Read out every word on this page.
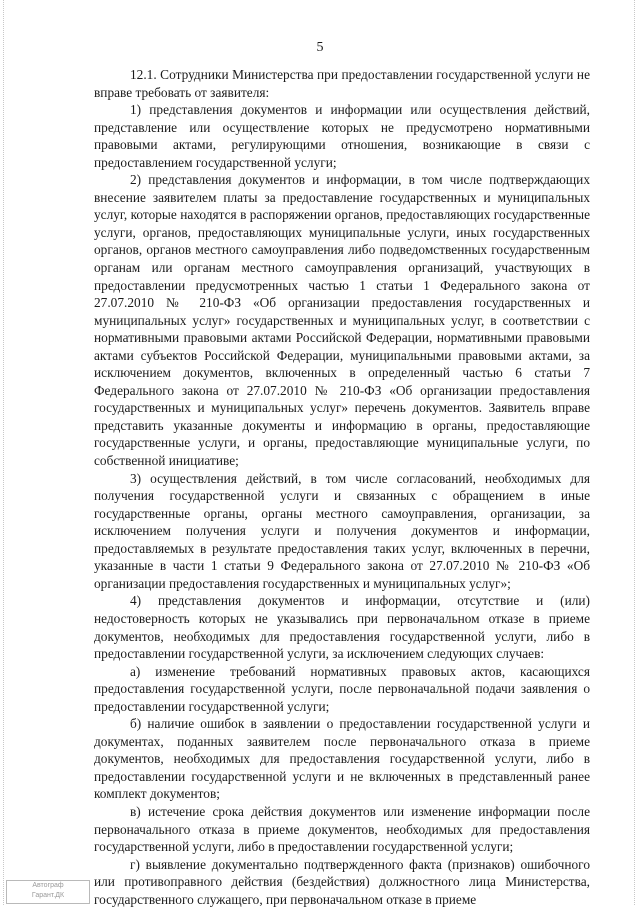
5

12.1. Сотрудники Министерства при предоставлении государственной услуги не вправе требовать от заявителя:

1) представления документов и информации или осуществления действий, представление или осуществление которых не предусмотрено нормативными правовыми актами, регулирующими отношения, возникающие в связи с предоставлением государственной услуги;

2) представления документов и информации, в том числе подтверждающих внесение заявителем платы за предоставление государственных и муниципальных услуг, которые находятся в распоряжении органов, предоставляющих государственные услуги, органов, предоставляющих муниципальные услуги, иных государственных органов, органов местного самоуправления либо подведомственных государственным органам или органам местного самоуправления организаций, участвующих в предоставлении предусмотренных частью 1 статьи 1 Федерального закона от 27.07.2010 № 210-ФЗ «Об организации предоставления государственных и муниципальных услуг» государственных и муниципальных услуг, в соответствии с нормативными правовыми актами Российской Федерации, нормативными правовыми актами субъектов Российской Федерации, муниципальными правовыми актами, за исключением документов, включенных в определенный частью 6 статьи 7 Федерального закона от 27.07.2010 № 210-ФЗ «Об организации предоставления государственных и муниципальных услуг» перечень документов. Заявитель вправе представить указанные документы и информацию в органы, предоставляющие государственные услуги, и органы, предоставляющие муниципальные услуги, по собственной инициативе;

3) осуществления действий, в том числе согласований, необходимых для получения государственной услуги и связанных с обращением в иные государственные органы, органы местного самоуправления, организации, за исключением получения услуги и получения документов и информации, предоставляемых в результате предоставления таких услуг, включенных в перечни, указанные в части 1 статьи 9 Федерального закона от 27.07.2010 № 210-ФЗ «Об организации предоставления государственных и муниципальных услуг»;

4) представления документов и информации, отсутствие и (или) недостоверность которых не указывались при первоначальном отказе в приеме документов, необходимых для предоставления государственной услуги, либо в предоставлении государственной услуги, за исключением следующих случаев:

а) изменение требований нормативных правовых актов, касающихся предоставления государственной услуги, после первоначальной подачи заявления о предоставлении государственной услуги;

б) наличие ошибок в заявлении о предоставлении государственной услуги и документах, поданных заявителем после первоначального отказа в приеме документов, необходимых для предоставления государственной услуги, либо в предоставлении государственной услуги и не включенных в представленный ранее комплект документов;

в) истечение срока действия документов или изменение информации после первоначального отказа в приеме документов, необходимых для предоставления государственной услуги, либо в предоставлении государственной услуги;

г) выявление документально подтвержденного факта (признаков) ошибочного или противоправного действия (бездействия) должностного лица Министерства, государственного служащего, при первоначальном отказе в приеме

Автограф
Гарант.ДК
